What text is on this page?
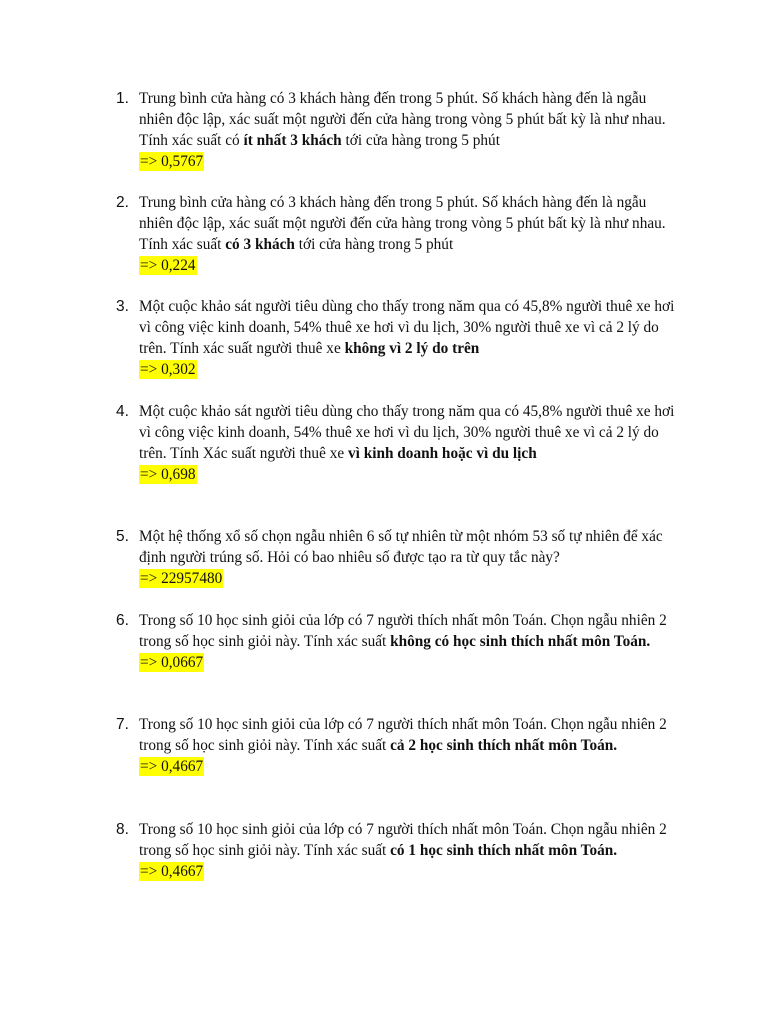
1. Trung bình cửa hàng có 3 khách hàng đến trong 5 phút. Số khách hàng đến là ngẫu nhiên độc lập, xác suất một người đến cửa hàng trong vòng 5 phút bất kỳ là như nhau. Tính xác suất có ít nhất 3 khách tới cửa hàng trong 5 phút

=> 0,5767
2. Trung bình cửa hàng có 3 khách hàng đến trong 5 phút. Số khách hàng đến là ngẫu nhiên độc lập, xác suất một người đến cửa hàng trong vòng 5 phút bất kỳ là như nhau. Tính xác suất có 3 khách tới cửa hàng trong 5 phút

=> 0,224
3. Một cuộc khảo sát người tiêu dùng cho thấy trong năm qua có 45,8% người thuê xe hơi vì công việc kinh doanh, 54% thuê xe hơi vì du lịch, 30% người thuê xe vì cả 2 lý do trên. Tính xác suất người thuê xe không vì 2 lý do trên

=> 0,302
4. Một cuộc khảo sát người tiêu dùng cho thấy trong năm qua có 45,8% người thuê xe hơi vì công việc kinh doanh, 54% thuê xe hơi vì du lịch, 30% người thuê xe vì cả 2 lý do trên. Tính Xác suất người thuê xe vì kinh doanh hoặc vì du lịch

=> 0,698
5. Một hệ thống xổ số chọn ngẫu nhiên 6 số tự nhiên từ một nhóm 53 số tự nhiên để xác định người trúng số. Hỏi có bao nhiêu số được tạo ra từ quy tắc này?

=> 22957480
6. Trong số 10 học sinh giỏi của lớp có 7 người thích nhất môn Toán. Chọn ngẫu nhiên 2 trong số học sinh giỏi này. Tính xác suất không có học sinh thích nhất môn Toán.

=> 0,0667
7. Trong số 10 học sinh giỏi của lớp có 7 người thích nhất môn Toán. Chọn ngẫu nhiên 2 trong số học sinh giỏi này. Tính xác suất cả 2 học sinh thích nhất môn Toán.

=> 0,4667
8. Trong số 10 học sinh giỏi của lớp có 7 người thích nhất môn Toán. Chọn ngẫu nhiên 2 trong số học sinh giỏi này. Tính xác suất có 1 học sinh thích nhất môn Toán.

=> 0,4667
